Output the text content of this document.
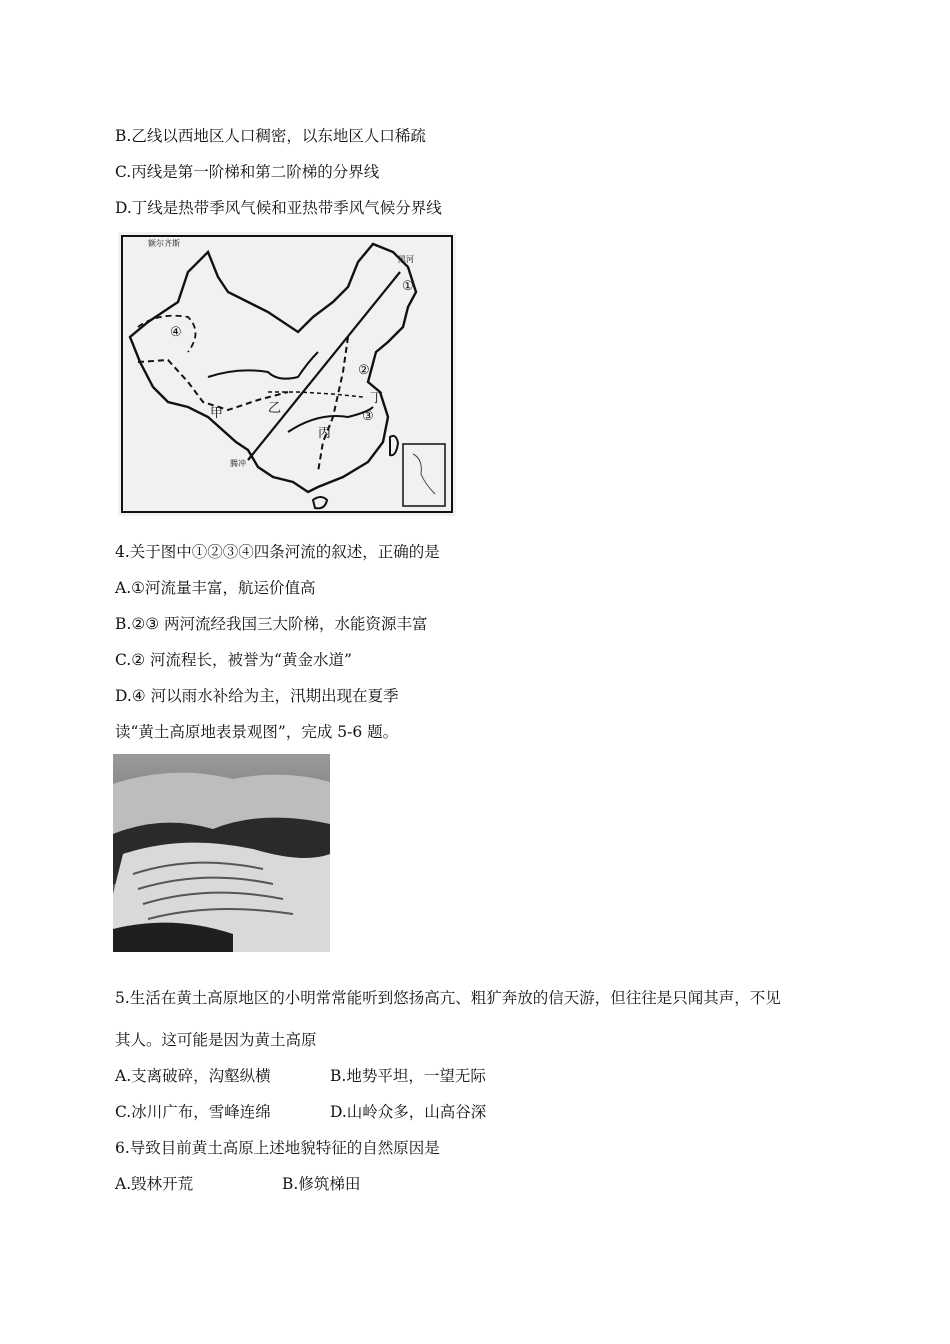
B.乙线以西地区人口稠密，以东地区人口稀疏
C.丙线是第一阶梯和第二阶梯的分界线
D.丁线是热带季风气候和亚热带季风气候分界线
额尔齐斯
黑河
①
④
②
丁
③
甲	乙
丙
腾冲
4.关于图中①②③④四条河流的叙述，正确的是
A.①河流量丰富，航运价值高
B.②③ 两河流经我国三大阶梯，水能资源丰富
C.② 河流程长，被誉为“黄金水道”
D.④ 河以雨水补给为主，汛期出现在夏季
读“黄土高原地表景观图”，完成 5-6 题。
5.生活在黄土高原地区的小明常常能听到悠扬高亢、粗犷奔放的信天游，但往往是只闻其声，不见
其人。这可能是因为黄土高原
A.支离破碎，沟壑纵横	B.地势平坦，一望无际
C.冰川广布，雪峰连绵	D.山岭众多，山高谷深
6.导致目前黄土高原上述地貌特征的自然原因是
A.毁林开荒	B.修筑梯田
